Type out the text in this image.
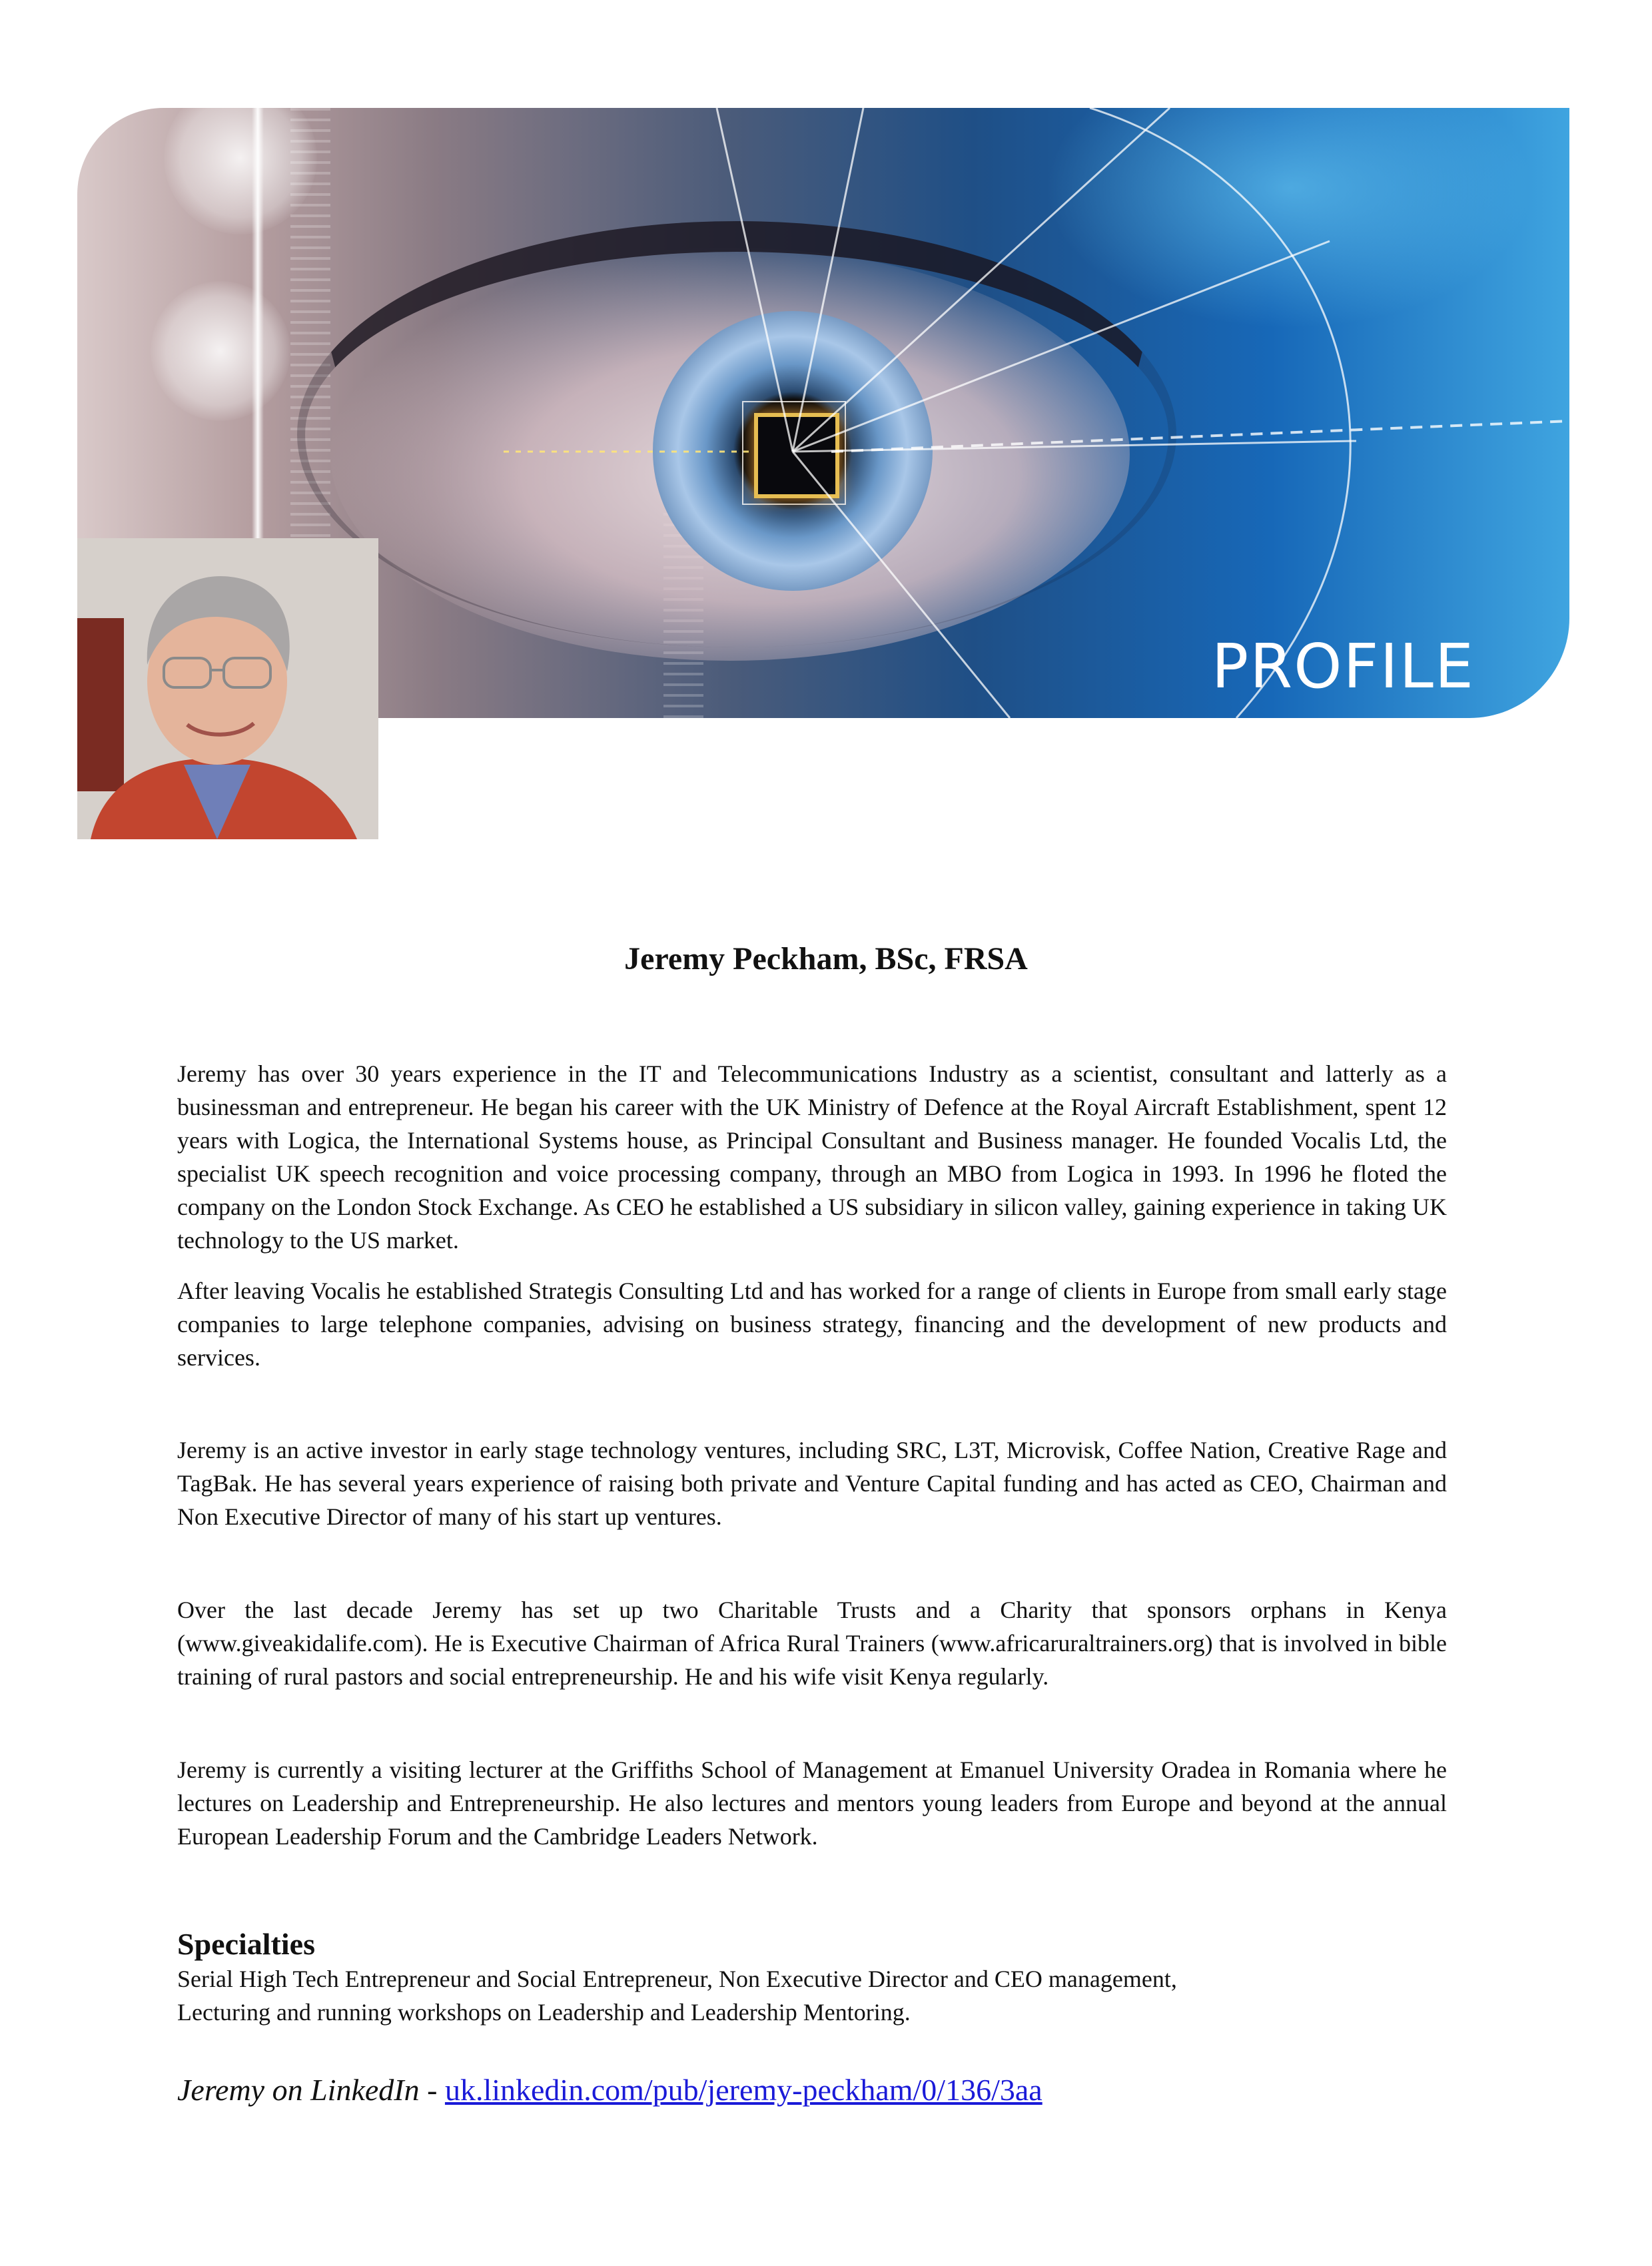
PROFILE
Jeremy Peckham, BSc, FRSA

Jeremy has over 30 years experience in the IT and Telecommunications Industry as a scientist, consultant and latterly as a businessman and entrepreneur. He began his career with the UK Ministry of Defence at the Royal Aircraft Establishment, spent 12 years with Logica, the International Systems house, as Principal Consultant and Business manager. He founded Vocalis Ltd, the specialist UK speech recognition and voice processing company, through an MBO from Logica in 1993. In 1996 he floted the company on the London Stock Exchange. As CEO he established a US subsidiary in silicon valley, gaining experience in taking UK technology to the US market.

After leaving Vocalis he established Strategis Consulting Ltd and has worked for a range of clients in Europe from small early stage companies to large telephone companies, advising on business strategy, financing and the development of new products and services.

Jeremy is an active investor in early stage technology ventures, including SRC, L3T, Microvisk, Coffee Nation, Creative Rage and TagBak. He has several years experience of raising both private and Venture Capital funding and has acted as CEO, Chairman and Non Executive Director of many of his start up ventures.

Over the last decade Jeremy has set up two Charitable Trusts and a Charity that sponsors orphans in Kenya (www.giveakidalife.com). He is Executive Chairman of Africa Rural Trainers (www.africaruraltrainers.org) that is involved in bible training of rural pastors and social entrepreneurship. He and his wife visit Kenya regularly.

Jeremy is currently a visiting lecturer at the Griffiths School of Management at Emanuel University Oradea in Romania where he lectures on Leadership and Entrepreneurship. He also lectures and mentors young leaders from Europe and beyond at the annual European Leadership Forum and the Cambridge Leaders Network.

Specialties
Serial High Tech Entrepreneur and Social Entrepreneur, Non Executive Director and CEO management,
Lecturing and running workshops on Leadership and Leadership Mentoring.

Jeremy on LinkedIn - uk.linkedin.com/pub/jeremy-peckham/0/136/3aa
